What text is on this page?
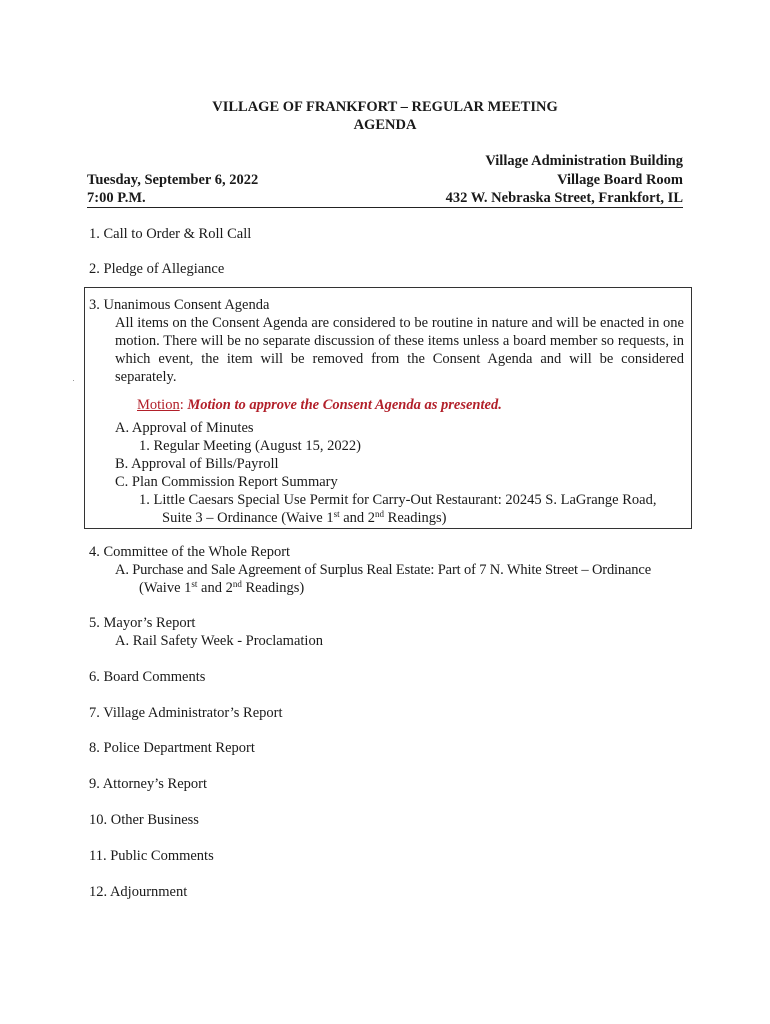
VILLAGE OF FRANKFORT – REGULAR MEETING
AGENDA
Village Administration Building
Tuesday, September 6, 2022	Village Board Room
7:00 P.M.	432 W. Nebraska Street, Frankfort, IL
1. Call to Order & Roll Call
2. Pledge of Allegiance
3. Unanimous Consent Agenda
All items on the Consent Agenda are considered to be routine in nature and will be enacted in one motion. There will be no separate discussion of these items unless a board member so requests, in which event, the item will be removed from the Consent Agenda and will be considered separately.
Motion: Motion to approve the Consent Agenda as presented.
A. Approval of Minutes
1. Regular Meeting (August 15, 2022)
B. Approval of Bills/Payroll
C. Plan Commission Report Summary
1. Little Caesars Special Use Permit for Carry-Out Restaurant: 20245 S. LaGrange Road,
Suite 3 – Ordinance (Waive 1st and 2nd Readings)
4. Committee of the Whole Report
A. Purchase and Sale Agreement of Surplus Real Estate: Part of 7 N. White Street – Ordinance
(Waive 1st and 2nd Readings)
5. Mayor’s Report
A. Rail Safety Week - Proclamation
6. Board Comments
7. Village Administrator’s Report
8. Police Department Report
9. Attorney’s Report
10. Other Business
11. Public Comments
12. Adjournment
